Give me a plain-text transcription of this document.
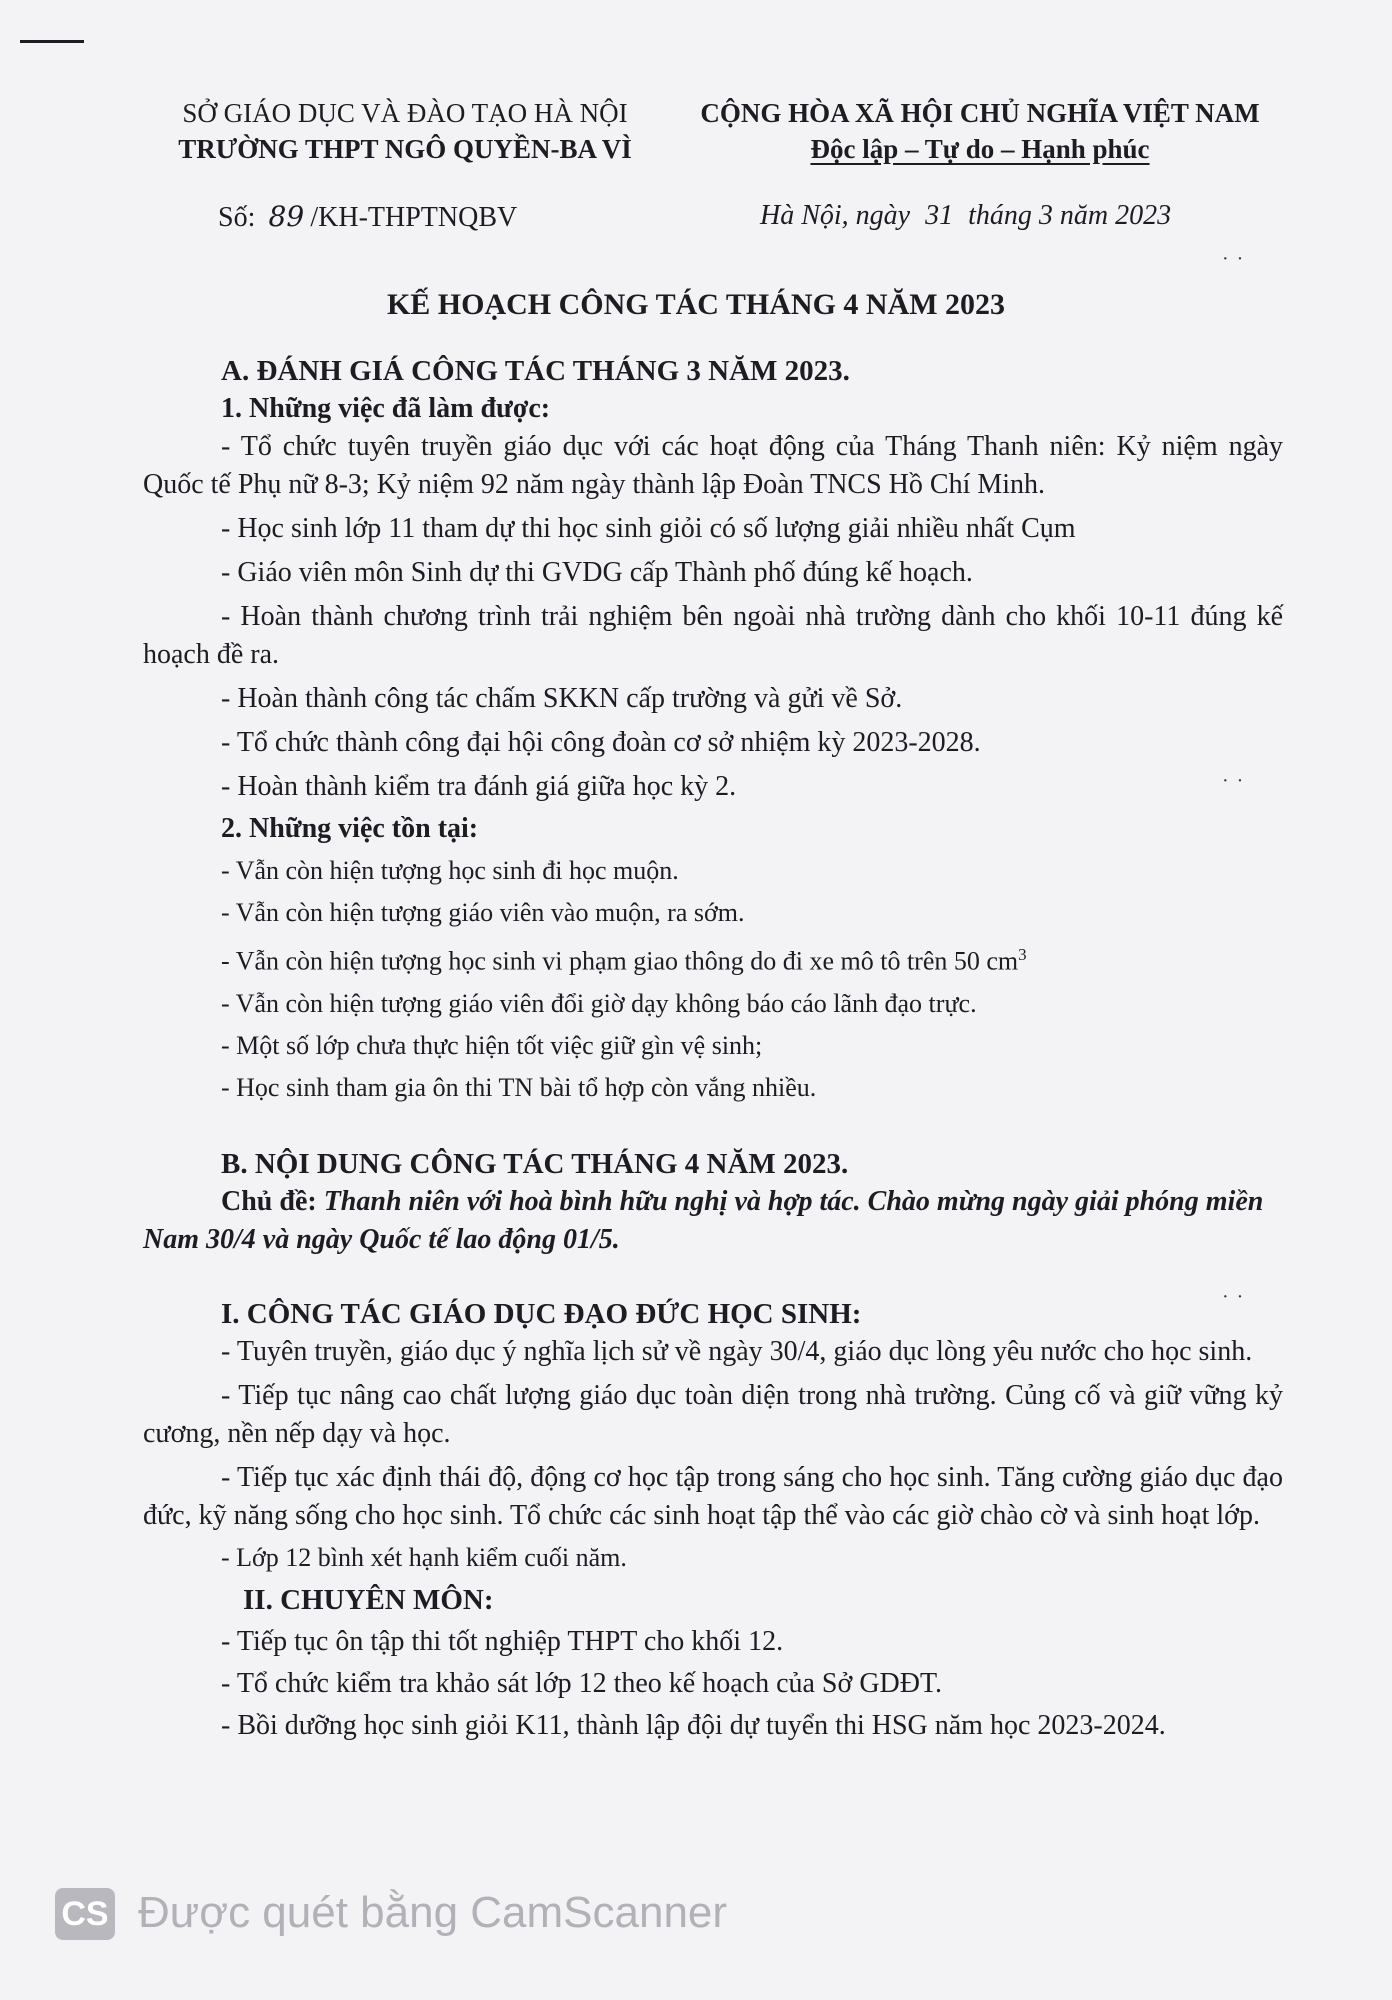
SỞ GIÁO DỤC VÀ ĐÀO TẠO HÀ NỘI
TRƯỜNG THPT NGÔ QUYỀN-BA VÌ
CỘNG HÒA XÃ HỘI CHỦ NGHĨA VIỆT NAM
Độc lập – Tự do – Hạnh phúc
Số: 89 /KH-THPTNQBV	Hà Nội, ngày 31 tháng 3 năm 2023
··
KẾ HOẠCH CÔNG TÁC THÁNG 4 NĂM 2023
A. ĐÁNH GIÁ CÔNG TÁC THÁNG 3 NĂM 2023.
1. Những việc đã làm được:

- Tổ chức tuyên truyền giáo dục với các hoạt động của Tháng Thanh niên: Kỷ niệm ngày Quốc tế Phụ nữ 8-3; Kỷ niệm 92 năm ngày thành lập Đoàn TNCS Hồ Chí Minh.

- Học sinh lớp 11 tham dự thi học sinh giỏi có số lượng giải nhiều nhất Cụm

- Giáo viên môn Sinh dự thi GVDG cấp Thành phố đúng kế hoạch.

- Hoàn thành chương trình trải nghiệm bên ngoài nhà trường dành cho khối 10-11 đúng kế hoạch đề ra.

- Hoàn thành công tác chấm SKKN cấp trường và gửi về Sở.

- Tổ chức thành công đại hội công đoàn cơ sở nhiệm kỳ 2023-2028.

- Hoàn thành kiểm tra đánh giá giữa học kỳ 2.

2. Những việc tồn tại:
- Vẫn còn hiện tượng học sinh đi học muộn.
- Vẫn còn hiện tượng giáo viên vào muộn, ra sớm.
- Vẫn còn hiện tượng học sinh vi phạm giao thông do đi xe mô tô trên 50 $cm^3$
- Vẫn còn hiện tượng giáo viên đổi giờ dạy không báo cáo lãnh đạo trực.
- Một số lớp chưa thực hiện tốt việc giữ gìn vệ sinh;
- Học sinh tham gia ôn thi TN bài tổ hợp còn vắng nhiều.
B. NỘI DUNG CÔNG TÁC THÁNG 4 NĂM 2023.

Chủ đề: Thanh niên với hoà bình hữu nghị và hợp tác. Chào mừng ngày giải phóng miền Nam 30/4 và ngày Quốc tế lao động 01/5.

I. CÔNG TÁC GIÁO DỤC ĐẠO ĐỨC HỌC SINH:

- Tuyên truyền, giáo dục ý nghĩa lịch sử về ngày 30/4, giáo dục lòng yêu nước cho học sinh.

- Tiếp tục nâng cao chất lượng giáo dục toàn diện trong nhà trường. Củng cố và giữ vững kỷ cương, nền nếp dạy và học.

- Tiếp tục xác định thái độ, động cơ học tập trong sáng cho học sinh. Tăng cường giáo dục đạo đức, kỹ năng sống cho học sinh. Tổ chức các sinh hoạt tập thể vào các giờ chào cờ và sinh hoạt lớp.

- Lớp 12 bình xét hạnh kiểm cuối năm.
II. CHUYÊN MÔN:
- Tiếp tục ôn tập thi tốt nghiệp THPT cho khối 12.
- Tổ chức kiểm tra khảo sát lớp 12 theo kế hoạch của Sở GDĐT.

- Bồi dưỡng học sinh giỏi K11, thành lập đội dự tuyển thi HSG năm học 2023-2024.

··
··
CS Được quét bằng CamScanner
